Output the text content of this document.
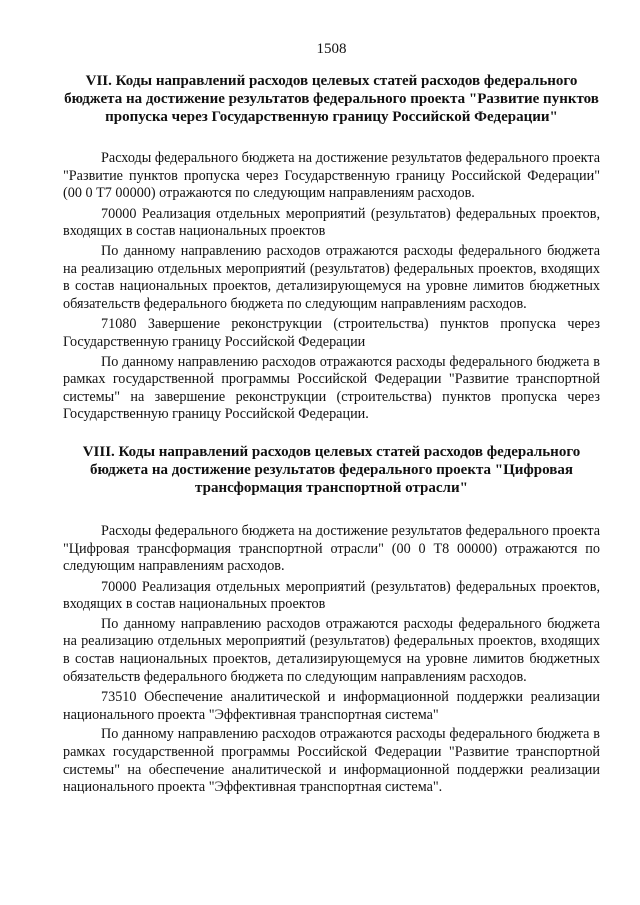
1508
VII. Коды направлений расходов целевых статей расходов федерального бюджета на достижение результатов федерального проекта "Развитие пунктов пропуска через Государственную границу Российской Федерации"

Расходы федерального бюджета на достижение результатов федерального проекта "Развитие пунктов пропуска через Государственную границу Российской Федерации" (00 0 Т7 00000) отражаются по следующим направлениям расходов.

70000 Реализация отдельных мероприятий (результатов) федеральных проектов, входящих в состав национальных проектов

По данному направлению расходов отражаются расходы федерального бюджета на реализацию отдельных мероприятий (результатов) федеральных проектов, входящих в состав национальных проектов, детализирующемуся на уровне лимитов бюджетных обязательств федерального бюджета по следующим направлениям расходов.

71080 Завершение реконструкции (строительства) пунктов пропуска через Государственную границу Российской Федерации

По данному направлению расходов отражаются расходы федерального бюджета в рамках государственной программы Российской Федерации "Развитие транспортной системы" на завершение реконструкции (строительства) пунктов пропуска через Государственную границу Российской Федерации.

VIII. Коды направлений расходов целевых статей расходов федерального бюджета на достижение результатов федерального проекта "Цифровая трансформация транспортной отрасли"

Расходы федерального бюджета на достижение результатов федерального проекта "Цифровая трансформация транспортной отрасли" (00 0 Т8 00000) отражаются по следующим направлениям расходов.

70000 Реализация отдельных мероприятий (результатов) федеральных проектов, входящих в состав национальных проектов

По данному направлению расходов отражаются расходы федерального бюджета на реализацию отдельных мероприятий (результатов) федеральных проектов, входящих в состав национальных проектов, детализирующемуся на уровне лимитов бюджетных обязательств федерального бюджета по следующим направлениям расходов.

73510 Обеспечение аналитической и информационной поддержки реализации национального проекта "Эффективная транспортная система"

По данному направлению расходов отражаются расходы федерального бюджета в рамках государственной программы Российской Федерации "Развитие транспортной системы" на обеспечение аналитической и информационной поддержки реализации национального проекта "Эффективная транспортная система".
